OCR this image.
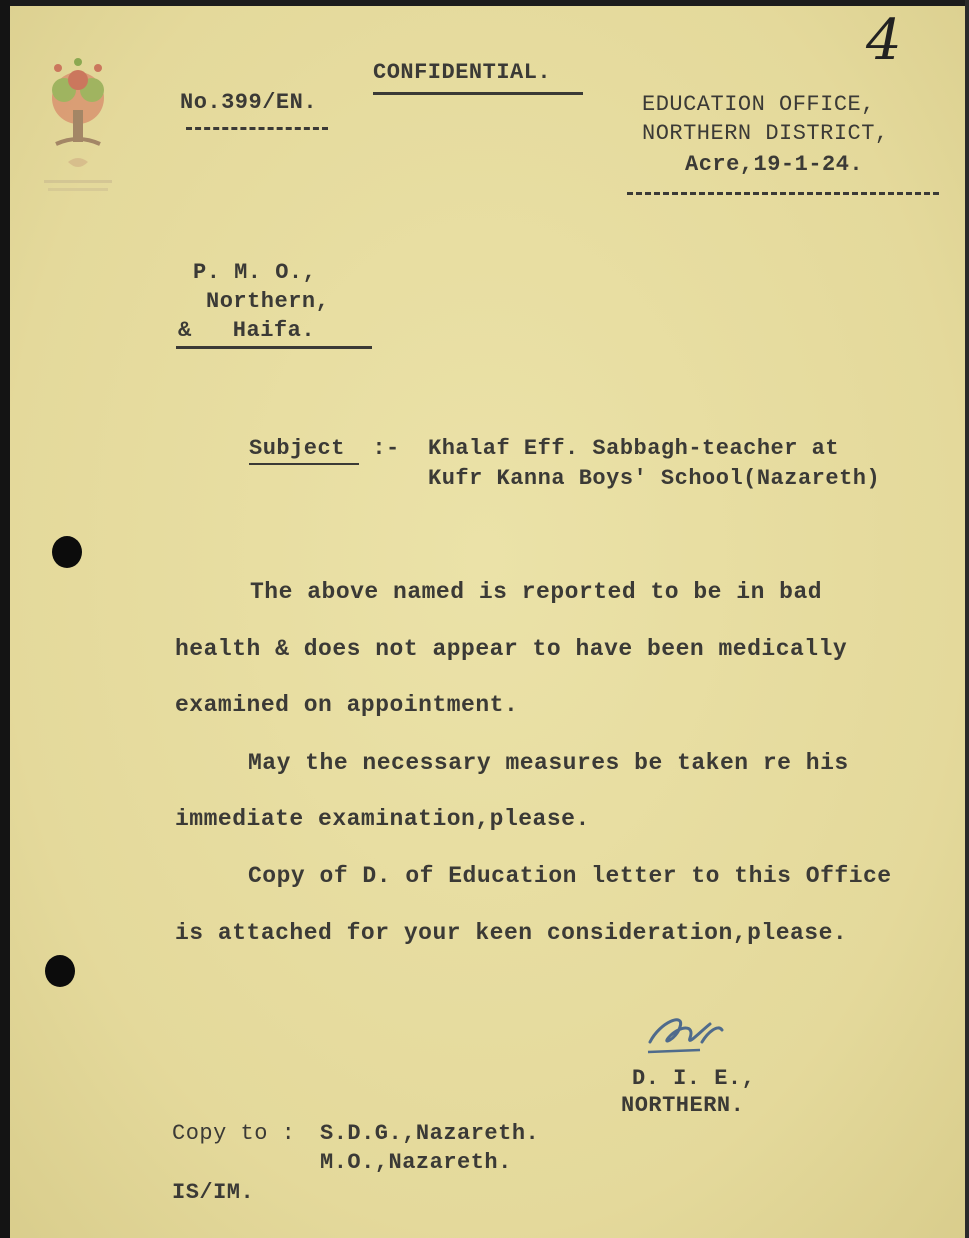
4
CONFIDENTIAL.
No.399/EN.	EDUCATION OFFICE,
NORTHERN DISTRICT,
Acre,19-1-24.
P. M. O.,
Northern,
&   Haifa.
Subject  :- Khalaf Eff. Sabbagh-teacher at
Kufr Kanna Boys' School(Nazareth)
The above named is reported to be in bad
health & does not appear to have been medically
examined on appointment.
May the necessary measures be taken re his
immediate examination,please.
Copy of D. of Education letter to this Office
is attached for your keen consideration,please.
D. I. E.,
NORTHERN.
Copy to : S.D.G.,Nazareth.
M.O.,Nazareth.
IS/IM.
